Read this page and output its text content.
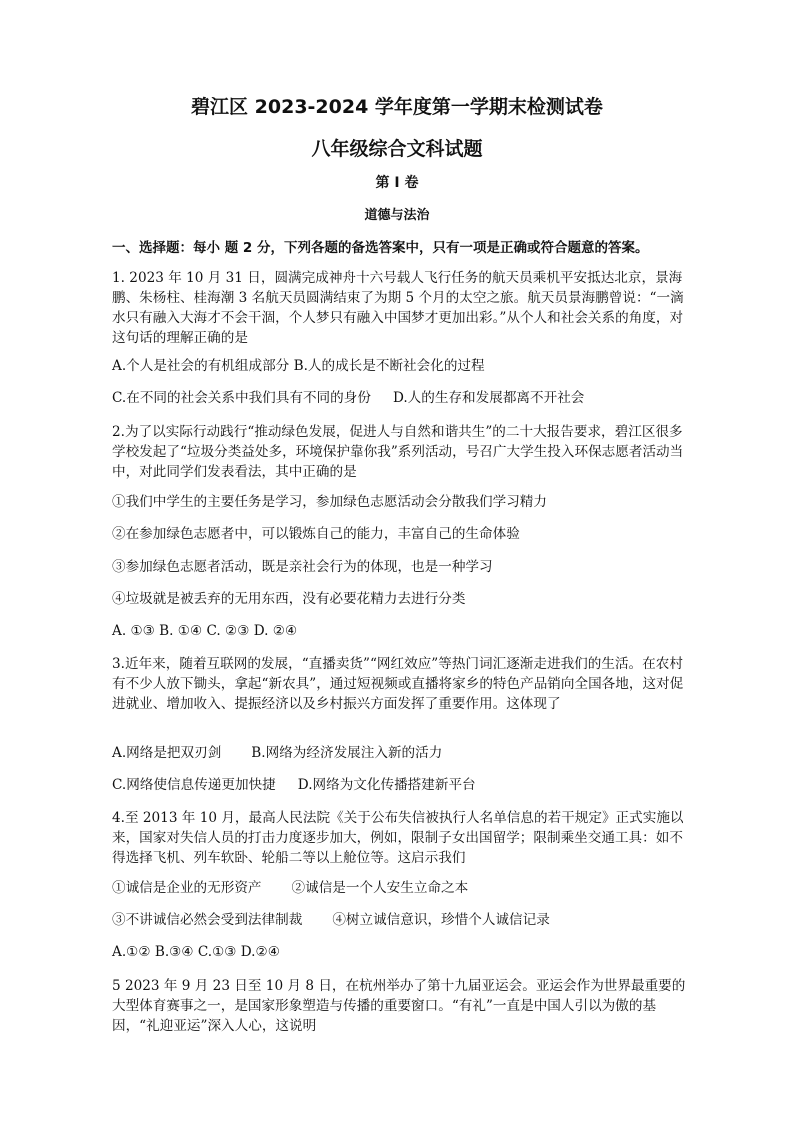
碧江区 2023-2024 学年度第一学期末检测试卷
八年级综合文科试题
第 I 卷
道德与法治
一、选择题：每小 题 2 分，下列各题的备选答案中，只有一项是正确或符合题意的答案。
1. 2023 年 10 月 31 日，圆满完成神舟十六号载人飞行任务的航天员乘机平安抵达北京，景海鹏、朱杨柱、桂海潮 3 名航天员圆满结束了为期 5 个月的太空之旅。航天员景海鹏曾说：“一滴水只有融入大海才不会干涸，个人梦只有融入中国梦才更加出彩。”从个人和社会关系的角度，对这句话的理解正确的是
A.个人是社会的有机组成部分 B.人的成长是不断社会化的过程
C.在不同的社会关系中我们具有不同的身份 D.人的生存和发展都离不开社会
2.为了以实际行动践行“推动绿色发展，促进人与自然和谐共生”的二十大报告要求，碧江区很多学校发起了“垃圾分类益处多，环境保护靠你我”系列活动，号召广大学生投入环保志愿者活动当中，对此同学们发表看法，其中正确的是
①我们中学生的主要任务是学习，参加绿色志愿活动会分散我们学习精力
②在参加绿色志愿者中，可以锻炼自己的能力，丰富自己的生命体验
③参加绿色志愿者活动，既是亲社会行为的体现，也是一种学习
④垃圾就是被丢弃的无用东西，没有必要花精力去进行分类
A. ①③ B. ①④ C. ②③ D. ②④
3.近年来，随着互联网的发展，“直播卖货”“网红效应”等热门词汇逐渐走进我们的生活。在农村有不少人放下锄头，拿起“新农具”，通过短视频或直播将家乡的特色产品销向全国各地，这对促进就业、增加收入、提振经济以及乡村振兴方面发挥了重要作用。这体现了
A.网络是把双刃剑 B.网络为经济发展注入新的活力
C.网络使信息传递更加快捷 D.网络为文化传播搭建新平台
4.至 2013 年 10 月，最高人民法院《关于公布失信被执行人名单信息的若干规定》正式实施以来，国家对失信人员的打击力度逐步加大，例如，限制子女出国留学；限制乘坐交通工具：如不得选择飞机、列车软卧、轮船二等以上舱位等。这启示我们
①诚信是企业的无形资产 ②诚信是一个人安生立命之本
③不讲诚信必然会受到法律制裁 ④树立诚信意识，珍惜个人诚信记录
A.①② B.③④ C.①③ D.②④
5 2023 年 9 月 23 日至 10 月 8 日，在杭州举办了第十九届亚运会。亚运会作为世界最重要的大型体育赛事之一，是国家形象塑造与传播的重要窗口。“有礼”一直是中国人引以为傲的基因，“礼迎亚运”深入人心，这说明
